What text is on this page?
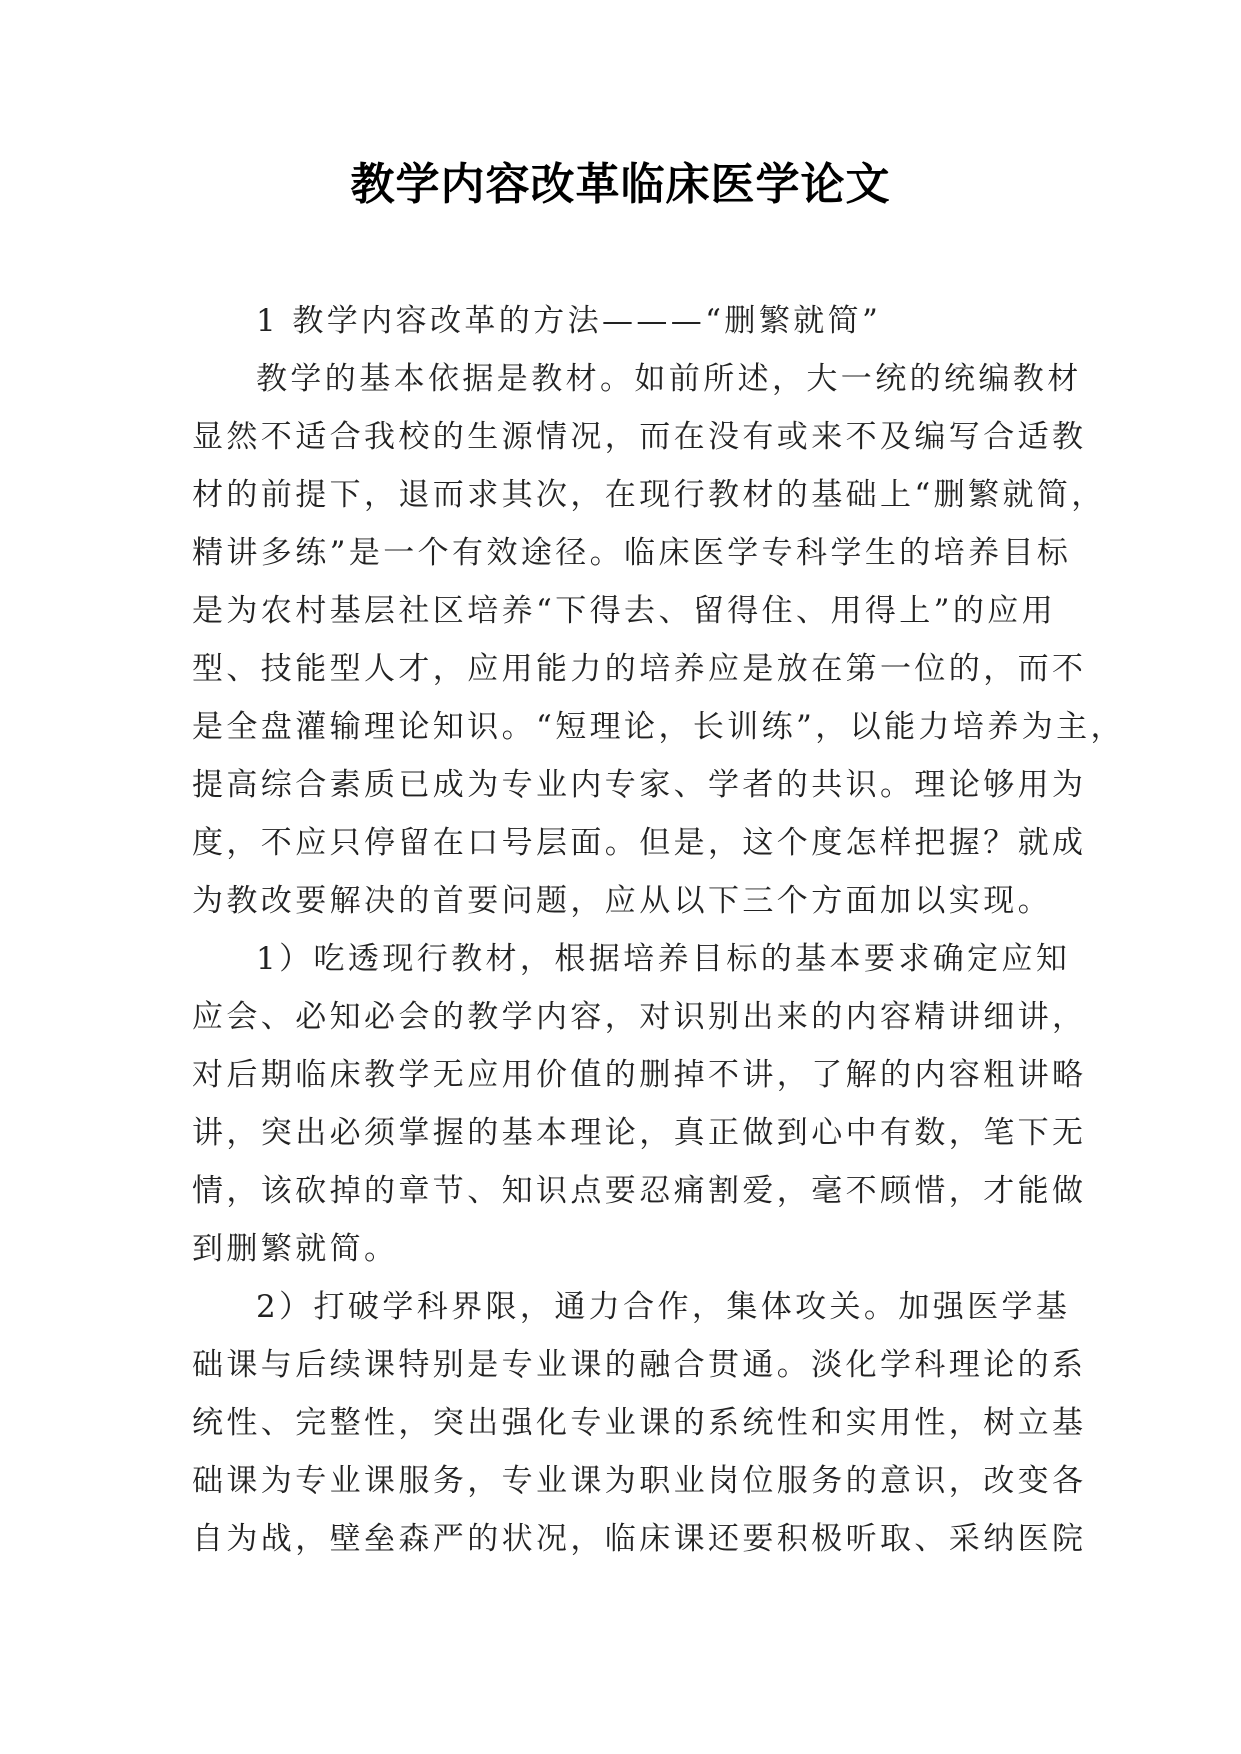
教学内容改革临床医学论文
1 教学内容改革的方法———“删繁就简”
教学的基本依据是教材。如前所述，大一统的统编教材
显然不适合我校的生源情况，而在没有或来不及编写合适教
材的前提下，退而求其次，在现行教材的基础上“删繁就简，
精讲多练”是一个有效途径。临床医学专科学生的培养目标
是为农村基层社区培养“下得去、留得住、用得上”的应用
型、技能型人才，应用能力的培养应是放在第一位的，而不
是全盘灌输理论知识。“短理论，长训练”，以能力培养为主，
提高综合素质已成为专业内专家、学者的共识。理论够用为
度，不应只停留在口号层面。但是，这个度怎样把握？就成
为教改要解决的首要问题，应从以下三个方面加以实现。
1）吃透现行教材，根据培养目标的基本要求确定应知
应会、必知必会的教学内容，对识别出来的内容精讲细讲，
对后期临床教学无应用价值的删掉不讲，了解的内容粗讲略
讲，突出必须掌握的基本理论，真正做到心中有数，笔下无
情，该砍掉的章节、知识点要忍痛割爱，毫不顾惜，才能做
到删繁就简。
2）打破学科界限，通力合作，集体攻关。加强医学基
础课与后续课特别是专业课的融合贯通。淡化学科理论的系
统性、完整性，突出强化专业课的系统性和实用性，树立基
础课为专业课服务，专业课为职业岗位服务的意识，改变各
自为战，壁垒森严的状况，临床课还要积极听取、采纳医院
